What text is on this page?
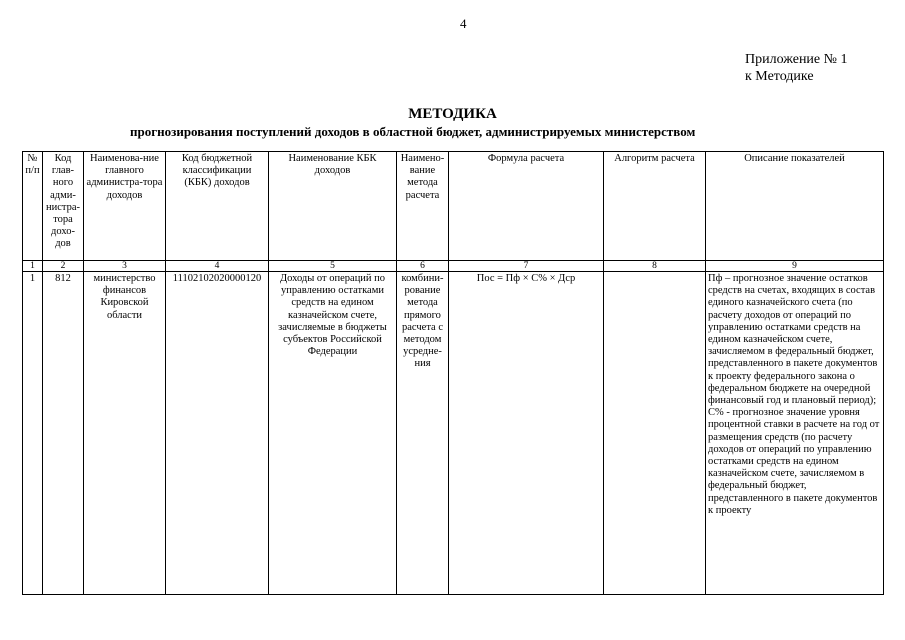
4
Приложение № 1
к Методике
МЕТОДИКА
прогнозирования поступлений доходов в областной бюджет, администрируемых министерством
№ п/п	Код глав-ного адми-нистра-тора дохо-дов	Наименова-ние главного администра-тора доходов	Код бюджетной классификации (КБК) доходов	Наименование КБК доходов	Наимено-вание метода расчета	Формула расчета	Алгоритм расчета	Описание показателей
1	2	3	4	5	6	7	8	9
1	812	министерство финансов Кировской области	11102102020000120	Доходы от операций по управлению остатками средств на едином казначейском счете, зачисляемые в бюджеты субъектов Российской Федерации	комбини-рование метода прямого расчета с методом усредне-ния	Пос = Пф × С% × Дср		Пф – прогнозное значение остатков средств на счетах, входящих в состав единого казначейского счета (по расчету доходов от операций по управлению остатками средств на едином казначейском счете, зачисляемом в федеральный бюджет, представленного в пакете документов к проекту федерального закона о федеральном бюджете на очередной финансовый год и плановый период);
С% - прогнозное значение уровня процентной ставки в расчете на год от размещения средств (по расчету доходов от операций по управлению остатками средств на едином казначейском счете, зачисляемом в федеральный бюджет, представленного в пакете документов к проекту
